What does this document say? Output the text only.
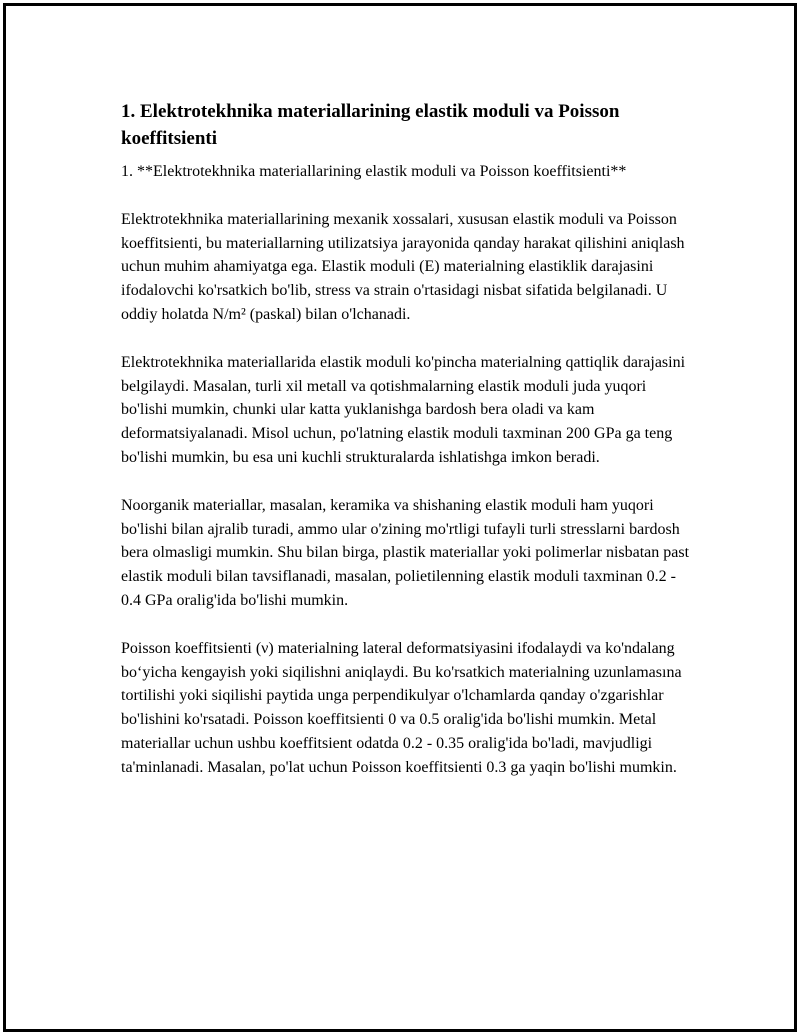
1. Elektrotekhnika materiallarining elastik moduli va Poisson koeffitsienti

1. **Elektrotekhnika materiallarining elastik moduli va Poisson koeffitsienti**

Elektrotekhnika materiallarining mexanik xossalari, xususan elastik moduli va Poisson koeffitsienti, bu materiallarning utilizatsiya jarayonida qanday harakat qilishini aniqlash uchun muhim ahamiyatga ega. Elastik moduli (E) materialning elastiklik darajasini ifodalovchi ko'rsatkich bo'lib, stress va strain o'rtasidagi nisbat sifatida belgilanadi. U oddiy holatda N/m² (paskal) bilan o'lchanadi.

Elektrotekhnika materiallarida elastik moduli ko'pincha materialning qattiqlik darajasini belgilaydi. Masalan, turli xil metall va qotishmalarning elastik moduli juda yuqori bo'lishi mumkin, chunki ular katta yuklanishga bardosh bera oladi va kam deformatsiyalanadi. Misol uchun, po'latning elastik moduli taxminan 200 GPa ga teng bo'lishi mumkin, bu esa uni kuchli strukturalarda ishlatishga imkon beradi.

Noorganik materiallar, masalan, keramika va shishaning elastik moduli ham yuqori bo'lishi bilan ajralib turadi, ammo ular o'zining mo'rtligi tufayli turli stresslarni bardosh bera olmasligi mumkin. Shu bilan birga, plastik materiallar yoki polimerlar nisbatan past elastik moduli bilan tavsiflanadi, masalan, polietilenning elastik moduli taxminan 0.2 - 0.4 GPa oralig'ida bo'lishi mumkin.

Poisson koeffitsienti (ν) materialning lateral deformatsiyasini ifodalaydi va ko'ndalang bo‘yicha kengayish yoki siqilishni aniqlaydi. Bu ko'rsatkich materialning uzunlamasına tortilishi yoki siqilishi paytida unga perpendikulyar o'lchamlarda qanday o'zgarishlar bo'lishini ko'rsatadi. Poisson koeffitsienti 0 va 0.5 oralig'ida bo'lishi mumkin. Metal materiallar uchun ushbu koeffitsient odatda 0.2 - 0.35 oralig'ida bo'ladi, mavjudligi ta'minlanadi. Masalan, po'lat uchun Poisson koeffitsienti 0.3 ga yaqin bo'lishi mumkin.
